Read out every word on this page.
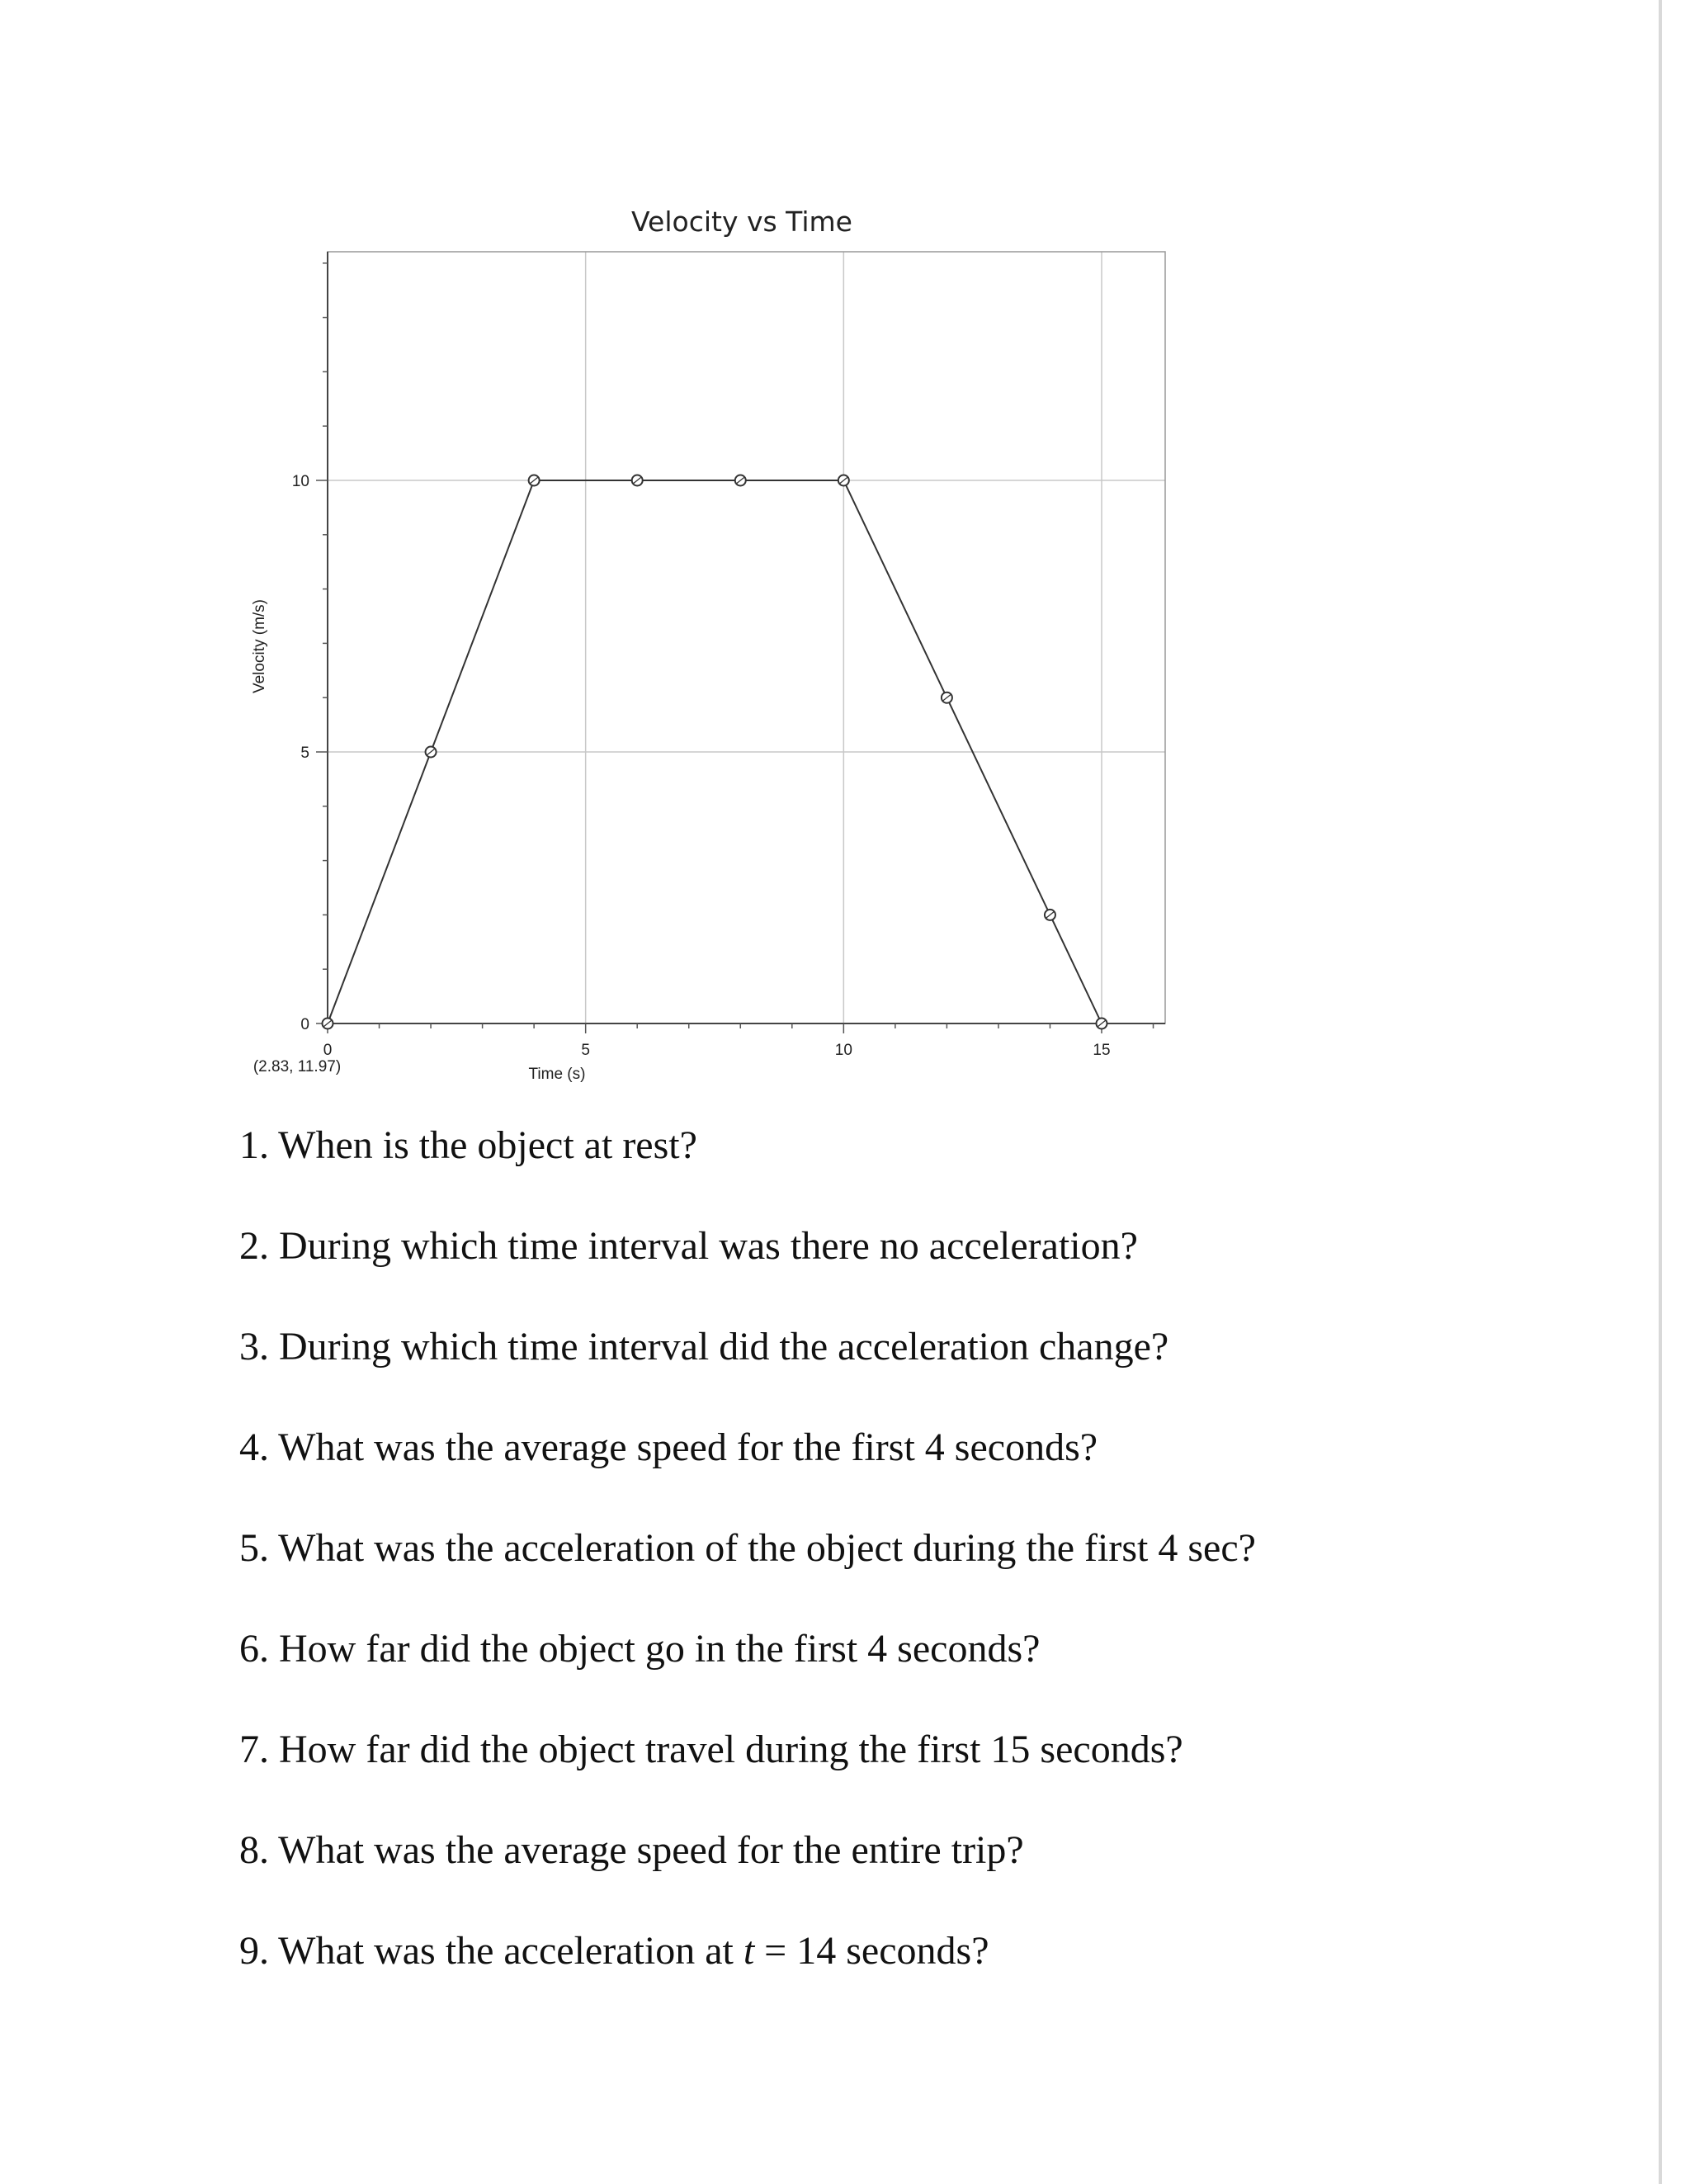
Velocity vs Time
0	5	10	15
0
5
10
Time (s)
Velocity (m/s)
(2.83, 11.97)
1. When is the object at rest?
2. During which time interval was there no acceleration?
3. During which time interval did the acceleration change?
4. What was the average speed for the first 4 seconds?
5. What was the acceleration of the object during the first 4 sec?
6. How far did the object go in the first 4 seconds?
7. How far did the object travel during the first 15 seconds?
8. What was the average speed for the entire trip?
9. What was the acceleration at t = 14 seconds?
